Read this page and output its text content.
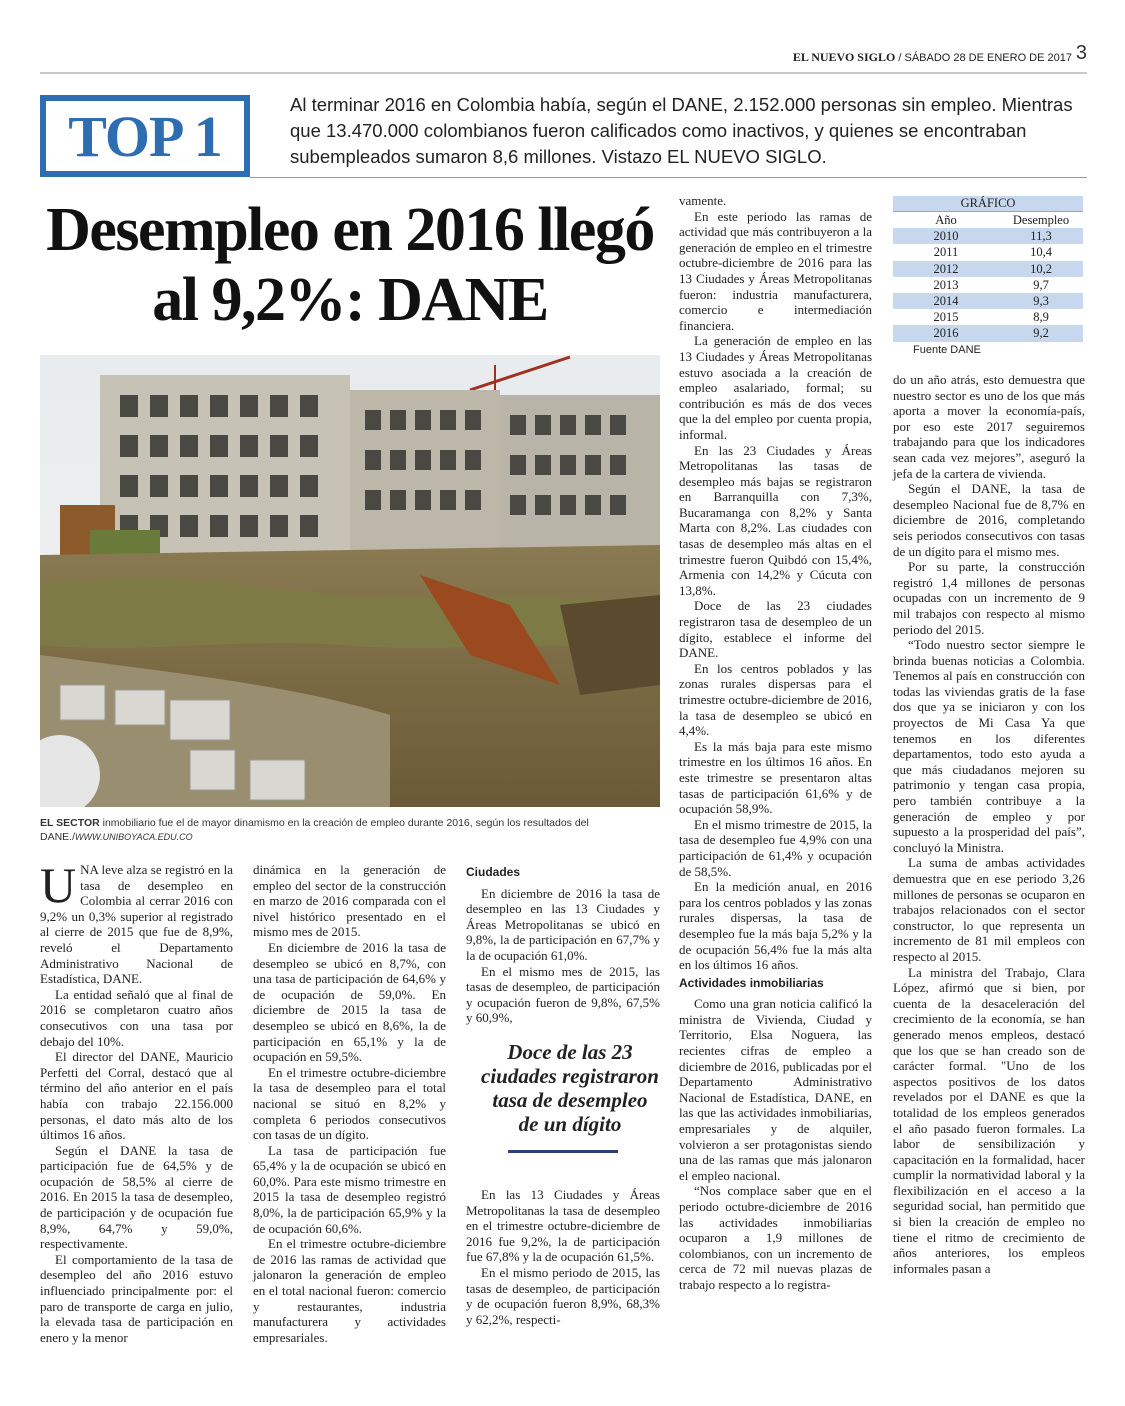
EL NUEVO SIGLO / SÁBADO 28 DE ENERO DE 2017 3
TOP 1	Al terminar 2016 en Colombia había, según el DANE, 2.152.000 personas sin empleo. Mientras que 13.470.000 colombianos fueron calificados como inactivos, y quienes se encontraban subempleados sumaron 8,6 millones. Vistazo EL NUEVO SIGLO.
Desempleo en 2016 llegó
al 9,2%: DANE
EL SECTOR inmobiliario fue el de mayor dinamismo en la creación de empleo durante 2016, según los resultados del DANE./WWW.UNIBOYACA.EDU.CO

UNA leve alza se registró en la tasa de desempleo en Colombia al cerrar 2016 con 9,2% un 0,3% superior al registrado al cierre de 2015 que fue de 8,9%, reveló el Departamento Administrativo Nacional de Estadística, DANE.

La entidad señaló que al final de 2016 se completaron cuatro años consecutivos con una tasa por debajo del 10%.

El director del DANE, Mauricio Perfetti del Corral, destacó que al término del año anterior en el país había con trabajo 22.156.000 personas, el dato más alto de los últimos 16 años.

Según el DANE la tasa de participación fue de 64,5% y de ocupación de 58,5% al cierre de 2016. En 2015 la tasa de desempleo, de participación y de ocupación fue 8,9%, 64,7% y 59,0%, respectivamente.

El comportamiento de la tasa de desempleo del año 2016 estuvo influenciado principalmente por: el paro de transporte de carga en julio, la elevada tasa de participación en enero y la menor

dinámica en la generación de empleo del sector de la construcción en marzo de 2016 comparada con el nivel histórico presentado en el mismo mes de 2015.

En diciembre de 2016 la tasa de desempleo se ubicó en 8,7%, con una tasa de participación de 64,6% y de ocupación de 59,0%. En diciembre de 2015 la tasa de desempleo se ubicó en 8,6%, la de participación en 65,1% y la de ocupación en 59,5%.

En el trimestre octubre-diciembre la tasa de desempleo para el total nacional se situó en 8,2% y completa 6 periodos consecutivos con tasas de un dígito.

La tasa de participación fue 65,4% y la de ocupación se ubicó en 60,0%. Para este mismo trimestre en 2015 la tasa de desempleo registró 8,0%, la de participación 65,9% y la de ocupación 60,6%.

En el trimestre octubre-diciembre de 2016 las ramas de actividad que jalonaron la generación de empleo en el total nacional fueron: comercio y restaurantes, industria manufacturera y actividades empresariales.

Ciudades

En diciembre de 2016 la tasa de desempleo en las 13 Ciudades y Áreas Metropolitanas se ubicó en 9,8%, la de participación en 67,7% y la de ocupación 61,0%.

En el mismo mes de 2015, las tasas de desempleo, de participación y ocupación fueron de 9,8%, 67,5% y 60,9%,

Doce de las 23 ciudades registraron tasa de desempleo de un dígito

En las 13 Ciudades y Áreas Metropolitanas la tasa de desempleo en el trimestre octubre-diciembre de 2016 fue 9,2%, la de participación fue 67,8% y la de ocupación 61,5%.

En el mismo periodo de 2015, las tasas de desempleo, de participación y de ocupación fueron 8,9%, 68,3% y 62,2%, respecti-

vamente.

En este periodo las ramas de actividad que más contribuyeron a la generación de empleo en el trimestre octubre-diciembre de 2016 para las 13 Ciudades y Áreas Metropolitanas fueron: industria manufacturera, comercio e intermediación financiera.

La generación de empleo en las 13 Ciudades y Áreas Metropolitanas estuvo asociada a la creación de empleo asalariado, formal; su contribución es más de dos veces que la del empleo por cuenta propia, informal.

En las 23 Ciudades y Áreas Metropolitanas las tasas de desempleo más bajas se registraron en Barranquilla con 7,3%, Bucaramanga con 8,2% y Santa Marta con 8,2%. Las ciudades con tasas de desempleo más altas en el trimestre fueron Quibdó con 15,4%, Armenia con 14,2% y Cúcuta con 13,8%.

Doce de las 23 ciudades registraron tasa de desempleo de un dígito, establece el informe del DANE.

En los centros poblados y las zonas rurales dispersas para el trimestre octubre-diciembre de 2016, la tasa de desempleo se ubicó en 4,4%.

Es la más baja para este mismo trimestre en los últimos 16 años. En este trimestre se presentaron altas tasas de participación 61,6% y de ocupación 58,9%.

En el mismo trimestre de 2015, la tasa de desempleo fue 4,9% con una participación de 61,4% y ocupación de 58,5%.

En la medición anual, en 2016 para los centros poblados y las zonas rurales dispersas, la tasa de desempleo fue la más baja 5,2% y la de ocupación 56,4% fue la más alta en los últimos 16 años.

Actividades inmobiliarias

Como una gran noticia calificó la ministra de Vivienda, Ciudad y Territorio, Elsa Noguera, las recientes cifras de empleo a diciembre de 2016, publicadas por el Departamento Administrativo Nacional de Estadística, DANE, en las que las actividades inmobiliarias, empresariales y de alquiler, volvieron a ser protagonistas siendo una de las ramas que más jalonaron el empleo nacional.

“Nos complace saber que en el periodo octubre-diciembre de 2016 las actividades inmobiliarias ocuparon a 1,9 millones de colombianos, con un incremento de cerca de 72 mil nuevas plazas de trabajo respecto a lo registra-

GRÁFICO
Año	Desempleo
2010	11,3
2011	10,4
2012	10,2
2013	9,7
2014	9,3
2015	8,9
2016	9,2
Fuente DANE

do un año atrás, esto demuestra que nuestro sector es uno de los que más aporta a mover la economía-país, por eso este 2017 seguiremos trabajando para que los indicadores sean cada vez mejores”, aseguró la jefa de la cartera de vivienda.

Según el DANE, la tasa de desempleo Nacional fue de 8,7% en diciembre de 2016, completando seis periodos consecutivos con tasas de un dígito para el mismo mes.

Por su parte, la construcción registró 1,4 millones de personas ocupadas con un incremento de 9 mil trabajos con respecto al mismo periodo del 2015.

“Todo nuestro sector siempre le brinda buenas noticias a Colombia. Tenemos al país en construcción con todas las viviendas gratis de la fase dos que ya se iniciaron y con los proyectos de Mi Casa Ya que tenemos en los diferentes departamentos, todo esto ayuda a que más ciudadanos mejoren su patrimonio y tengan casa propia, pero también contribuye a la generación de empleo y por supuesto a la prosperidad del país”, concluyó la Ministra.

La suma de ambas actividades demuestra que en ese periodo 3,26 millones de personas se ocuparon en trabajos relacionados con el sector constructor, lo que representa un incremento de 81 mil empleos con respecto al 2015.

La ministra del Trabajo, Clara López, afirmó que si bien, por cuenta de la desaceleración del crecimiento de la economía, se han generado menos empleos, destacó que los que se han creado son de carácter formal. "Uno de los aspectos positivos de los datos revelados por el DANE es que la totalidad de los empleos generados el año pasado fueron formales. La labor de sensibilización y capacitación en la formalidad, hacer cumplir la normatividad laboral y la flexibilización en el acceso a la seguridad social, han permitido que si bien la creación de empleo no tiene el ritmo de crecimiento de años anteriores, los empleos informales pasan a
